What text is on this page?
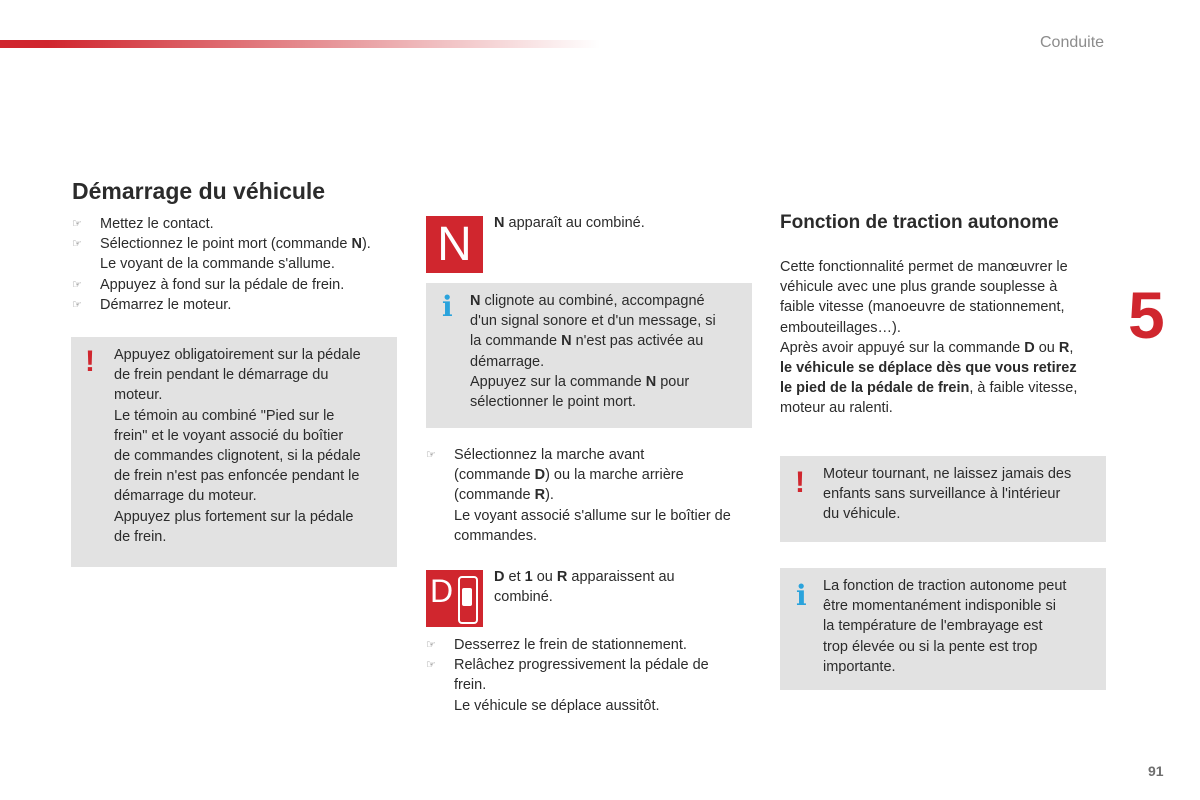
Conduite
5
91
Démarrage du véhicule
☞ Mettez le contact.
☞ Sélectionnez le point mort (commande N).
Le voyant de la commande s'allume.
☞ Appuyez à fond sur la pédale de frein.
☞ Démarrez le moteur.
! Appuyez obligatoirement sur la pédale
de frein pendant le démarrage du
moteur.
Le témoin au combiné "Pied sur le
frein" et le voyant associé du boîtier
de commandes clignotent, si la pédale
de frein n'est pas enfoncée pendant le
démarrage du moteur.
Appuyez plus fortement sur la pédale
de frein.
N	N apparaît au combiné.
i N clignote au combiné, accompagné
d'un signal sonore et d'un message, si
la commande N n'est pas activée au
démarrage.
Appuyez sur la commande N pour
sélectionner le point mort.
☞ Sélectionnez la marche avant
(commande D) ou la marche arrière
(commande R).
Le voyant associé s'allume sur le boîtier de
commandes.
D	D et 1 ou R apparaissent au
combiné.
☞ Desserrez le frein de stationnement.
☞ Relâchez progressivement la pédale de
frein.
Le véhicule se déplace aussitôt.
Fonction de traction autonome
Cette fonctionnalité permet de manœuvrer le
véhicule avec une plus grande souplesse à
faible vitesse (manoeuvre de stationnement,
embouteillages…).
Après avoir appuyé sur la commande D ou R,
le véhicule se déplace dès que vous retirez
le pied de la pédale de frein, à faible vitesse,
moteur au ralenti.
! Moteur tournant, ne laissez jamais des
enfants sans surveillance à l'intérieur
du véhicule.
i La fonction de traction autonome peut
être momentanément indisponible si
la température de l'embrayage est
trop élevée ou si la pente est trop
importante.
